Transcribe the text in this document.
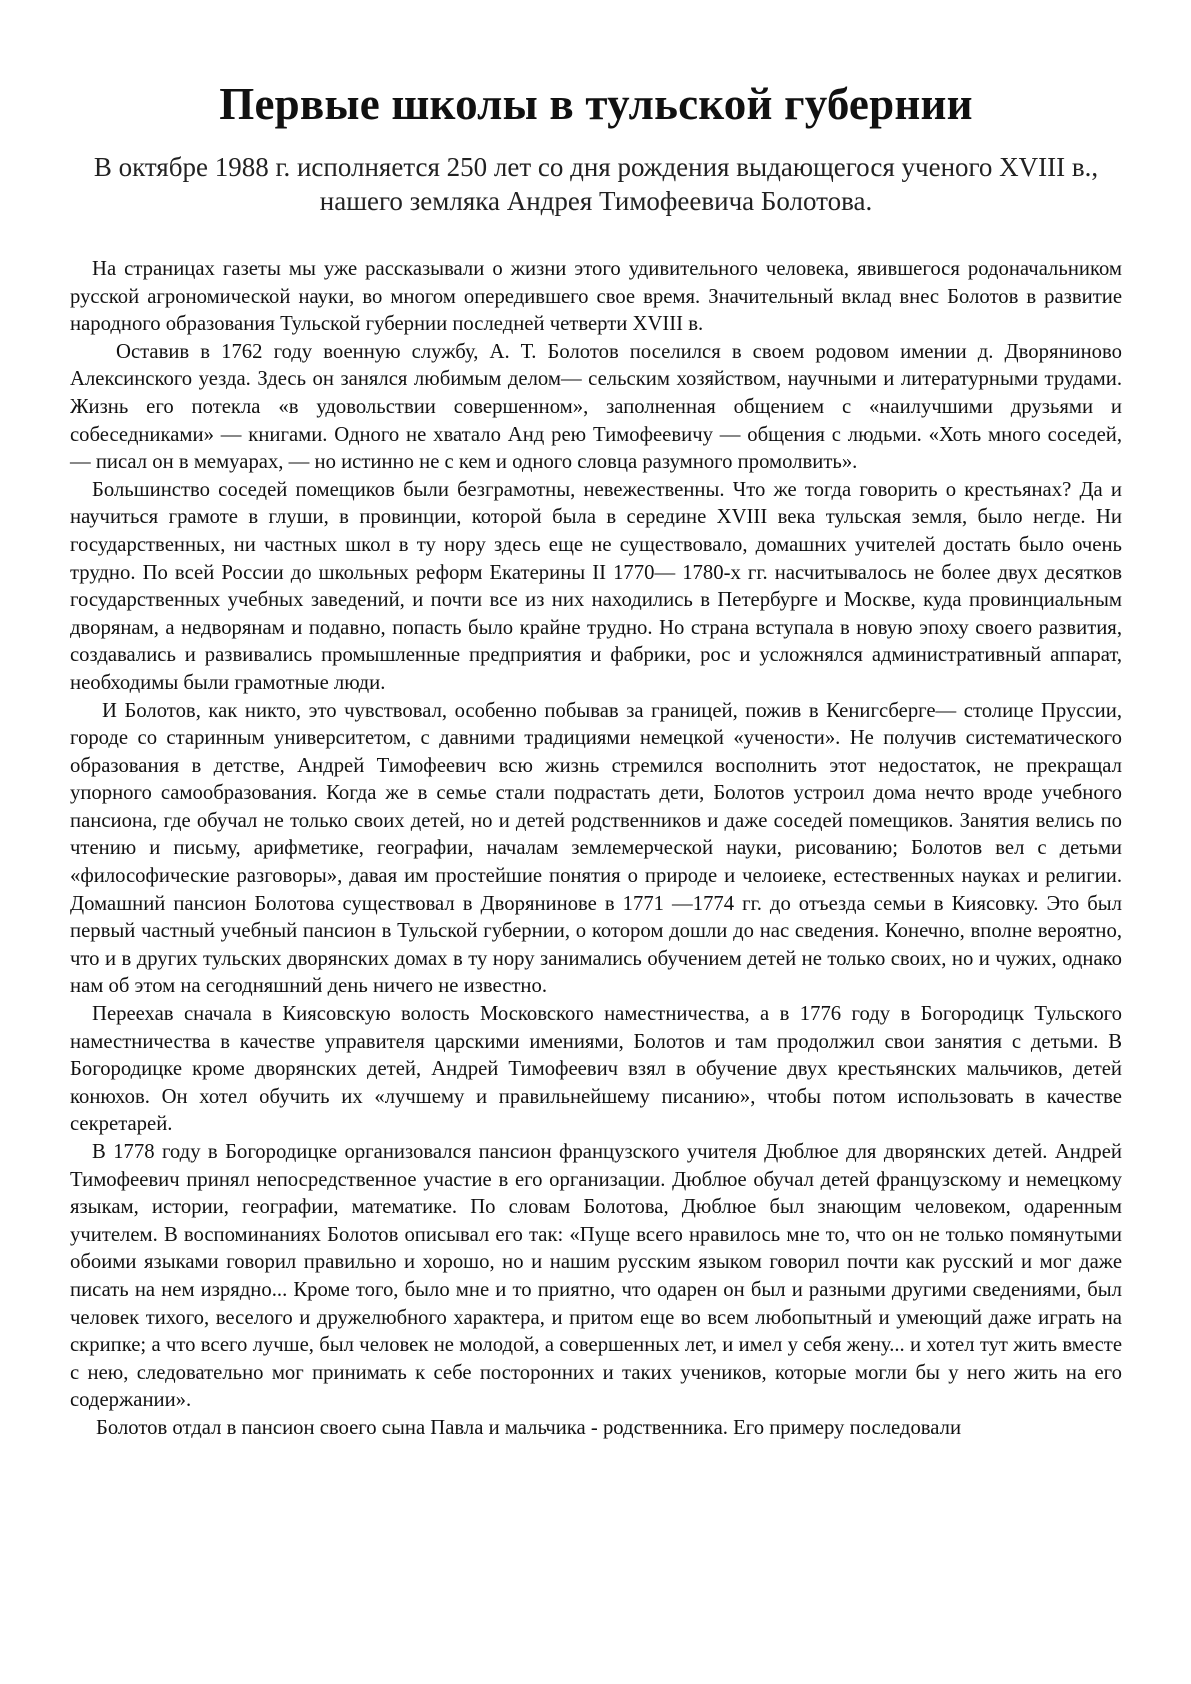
Первые школы в тульской губернии
В октябре 1988 г. исполняется 250 лет со дня рождения выдающегося ученого XVIII в., нашего земляка Андрея Тимофеевича Болотова.

На страницах газеты мы уже рассказывали о жизни этого удивительного человека, явившегося родоначальником русской агрономической науки, во многом опередившего свое время. Значительный вклад внес Болотов в развитие народного образования Тульской губернии последней четверти XVIII в.

Оставив в 1762 году военную службу, А. Т. Болотов поселился в своем родовом имении д. Дворяниново Алексинского уезда. Здесь он занялся любимым делом— сельским хозяйством, научными и литературными трудами. Жизнь его потекла «в удовольствии совершенном», заполненная общением с «наилучшими друзьями и собеседниками» — книгами. Одного не хватало Анд рею Тимофеевичу — общения с людьми. «Хоть много соседей, — писал он в мемуарах, — но истинно не с кем и одного словца разумного промолвить».

Большинство соседей помещиков были безграмотны, невежественны. Что же тогда говорить о крестьянах? Да и научиться грамоте в глуши, в провинции, которой была в середине XVIII века тульская земля, было негде. Ни государственных, ни частных школ в ту нору здесь еще не существовало, домашних учителей достать было очень трудно. По всей России до школьных реформ Екатерины II 1770— 1780-х гг. насчитывалось не более двух десятков государственных учебных заведений, и почти все из них находились в Петербурге и Москве, куда провинциальным дворянам, а недворянам и подавно, попасть было крайне трудно. Но страна вступала в новую эпоху своего развития, создавались и развивались промышленные предприятия и фабрики, рос и усложнялся административный аппарат, необходимы были грамотные люди.

И Болотов, как никто, это чувствовал, особенно побывав за границей, пожив в Кенигсберге— столице Пруссии, городе со старинным университетом, с давними традициями немецкой «учености». Не получив систематического образования в детстве, Андрей Тимофеевич всю жизнь стремился восполнить этот недостаток, не прекращал упорного самообразования. Когда же в семье стали подрастать дети, Болотов устроил дома нечто вроде учебного пансиона, где обучал не только своих детей, но и детей родственников и даже соседей помещиков. Занятия велись по чтению и письму, арифметике, географии, началам землемерческой науки, рисованию; Болотов вел с детьми «философические разговоры», давая им простейшие понятия о природе и челоиеке, естественных науках и религии. Домашний пансион Болотова существовал в Дворянинове в 1771 —1774 гг. до отъезда семьи в Киясовку. Это был первый частный учебный пансион в Тульской губернии, о котором дошли до нас сведения. Конечно, вполне вероятно, что и в других тульских дворянских домах в ту нору занимались обучением детей не только своих, но и чужих, однако нам об этом на сегодняшний день ничего не известно.

Переехав сначала в Киясовскую волость Московского наместничества, а в 1776 году в Богородицк Тульского наместничества в качестве управителя царскими имениями, Болотов и там продолжил свои занятия с детьми. В Богородицке кроме дворянских детей, Андрей Тимофеевич взял в обучение двух крестьянских мальчиков, детей конюхов. Он хотел обучить их «лучшему и правильнейшему писанию», чтобы потом использовать в качестве секретарей.

В 1778 году в Богородицке организовался пансион французского учителя Дюблюе для дворянских детей. Андрей Тимофеевич принял непосредственное участие в его организации. Дюблюе обучал детей французскому и немецкому языкам, истории, географии, математике. По словам Болотова, Дюблюе был знающим человеком, одаренным учителем. В воспоминаниях Болотов описывал его так: «Пуще всего нравилось мне то, что он не только помянутыми обоими языками говорил правильно и хорошо, но и нашим русским языком говорил почти как русский и мог даже писать на нем изрядно... Кроме того, было мне и то приятно, что одарен он был и разными другими сведениями, был человек тихого, веселого и дружелюбного характера, и притом еще во всем любопытный и умеющий даже играть на скрипке; а что всего лучше, был человек не молодой, а совершенных лет, и имел у себя жену... и хотел тут жить вместе с нею, следовательно мог принимать к себе посторонних и таких учеников, которые могли бы у него жить на его содержании».

Болотов отдал в пансион своего сына Павла и мальчика - родственника. Его примеру последовали
